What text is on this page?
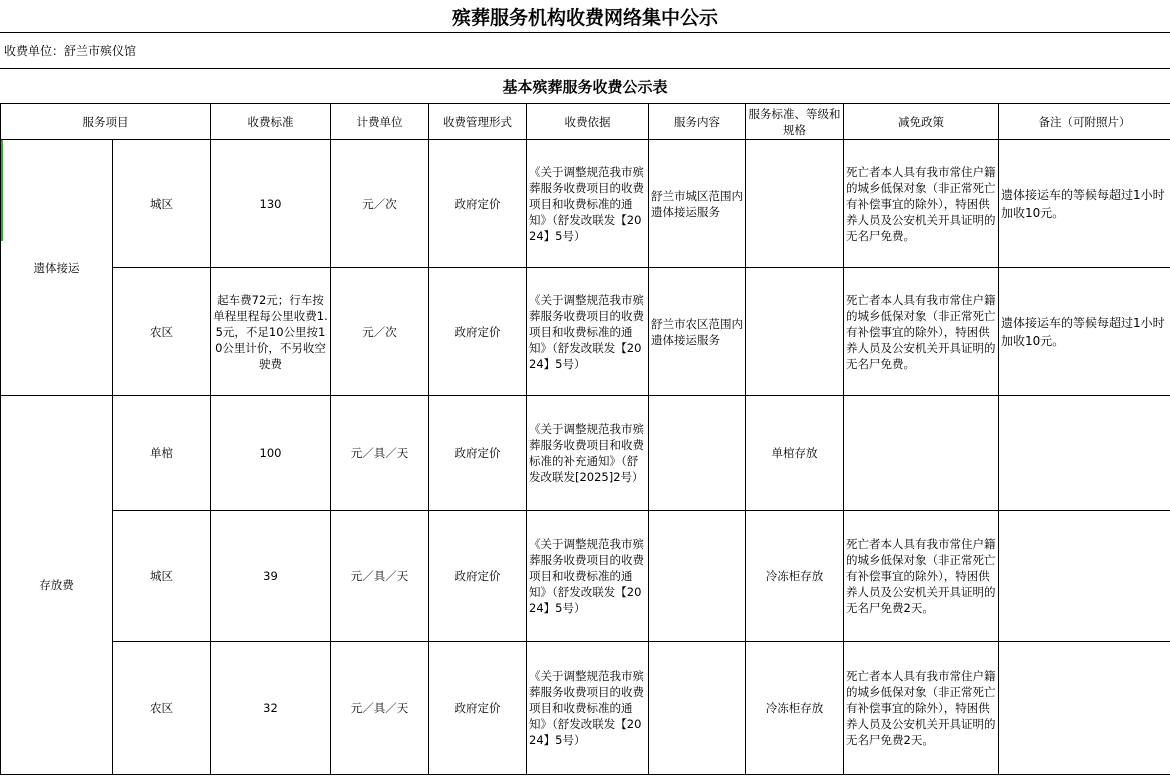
殡葬服务机构收费网络集中公示
收费单位：舒兰市殡仪馆
基本殡葬服务收费公示表
服务项目		收费标准	计费单位	收费管理形式	收费依据	服务内容	服务标准、等级和规格	减免政策	备注（可附照片）
遗体接运	城区	130	元／次	政府定价	《关于调整规范我市殡葬服务收费项目的收费项目和收费标准的通知》（舒发改联发【2024】5号）	舒兰市城区范围内遗体接运服务		死亡者本人具有我市常住户籍的城乡低保对象（非正常死亡有补偿事宜的除外），特困供养人员及公安机关开具证明的无名尸免费。	遗体接运车的等候每超过1小时加收10元。
	农区	起车费72元；行车按单程里程每公里收费1.5元，不足10公里按10公里计价，不另收空驶费	元／次	政府定价	《关于调整规范我市殡葬服务收费项目的收费项目和收费标准的通知》（舒发改联发【2024】5号）	舒兰市农区范围内遗体接运服务		死亡者本人具有我市常住户籍的城乡低保对象（非正常死亡有补偿事宜的除外），特困供养人员及公安机关开具证明的无名尸免费。	遗体接运车的等候每超过1小时加收10元。
存放费	单棺	100	元／具／天	政府定价	《关于调整规范我市殡葬服务收费项目和收费标准的补充通知》（舒发改联发[2025]2号）		单棺存放		
	城区	39	元／具／天	政府定价	《关于调整规范我市殡葬服务收费项目的收费项目和收费标准的通知》（舒发改联发【2024】5号）		冷冻柜存放	死亡者本人具有我市常住户籍的城乡低保对象（非正常死亡有补偿事宜的除外），特困供养人员及公安机关开具证明的无名尸免费2天。	
	农区	32	元／具／天	政府定价	《关于调整规范我市殡葬服务收费项目的收费项目和收费标准的通知》（舒发改联发【2024】5号）		冷冻柜存放	死亡者本人具有我市常住户籍的城乡低保对象（非正常死亡有补偿事宜的除外），特困供养人员及公安机关开具证明的无名尸免费2天。	
